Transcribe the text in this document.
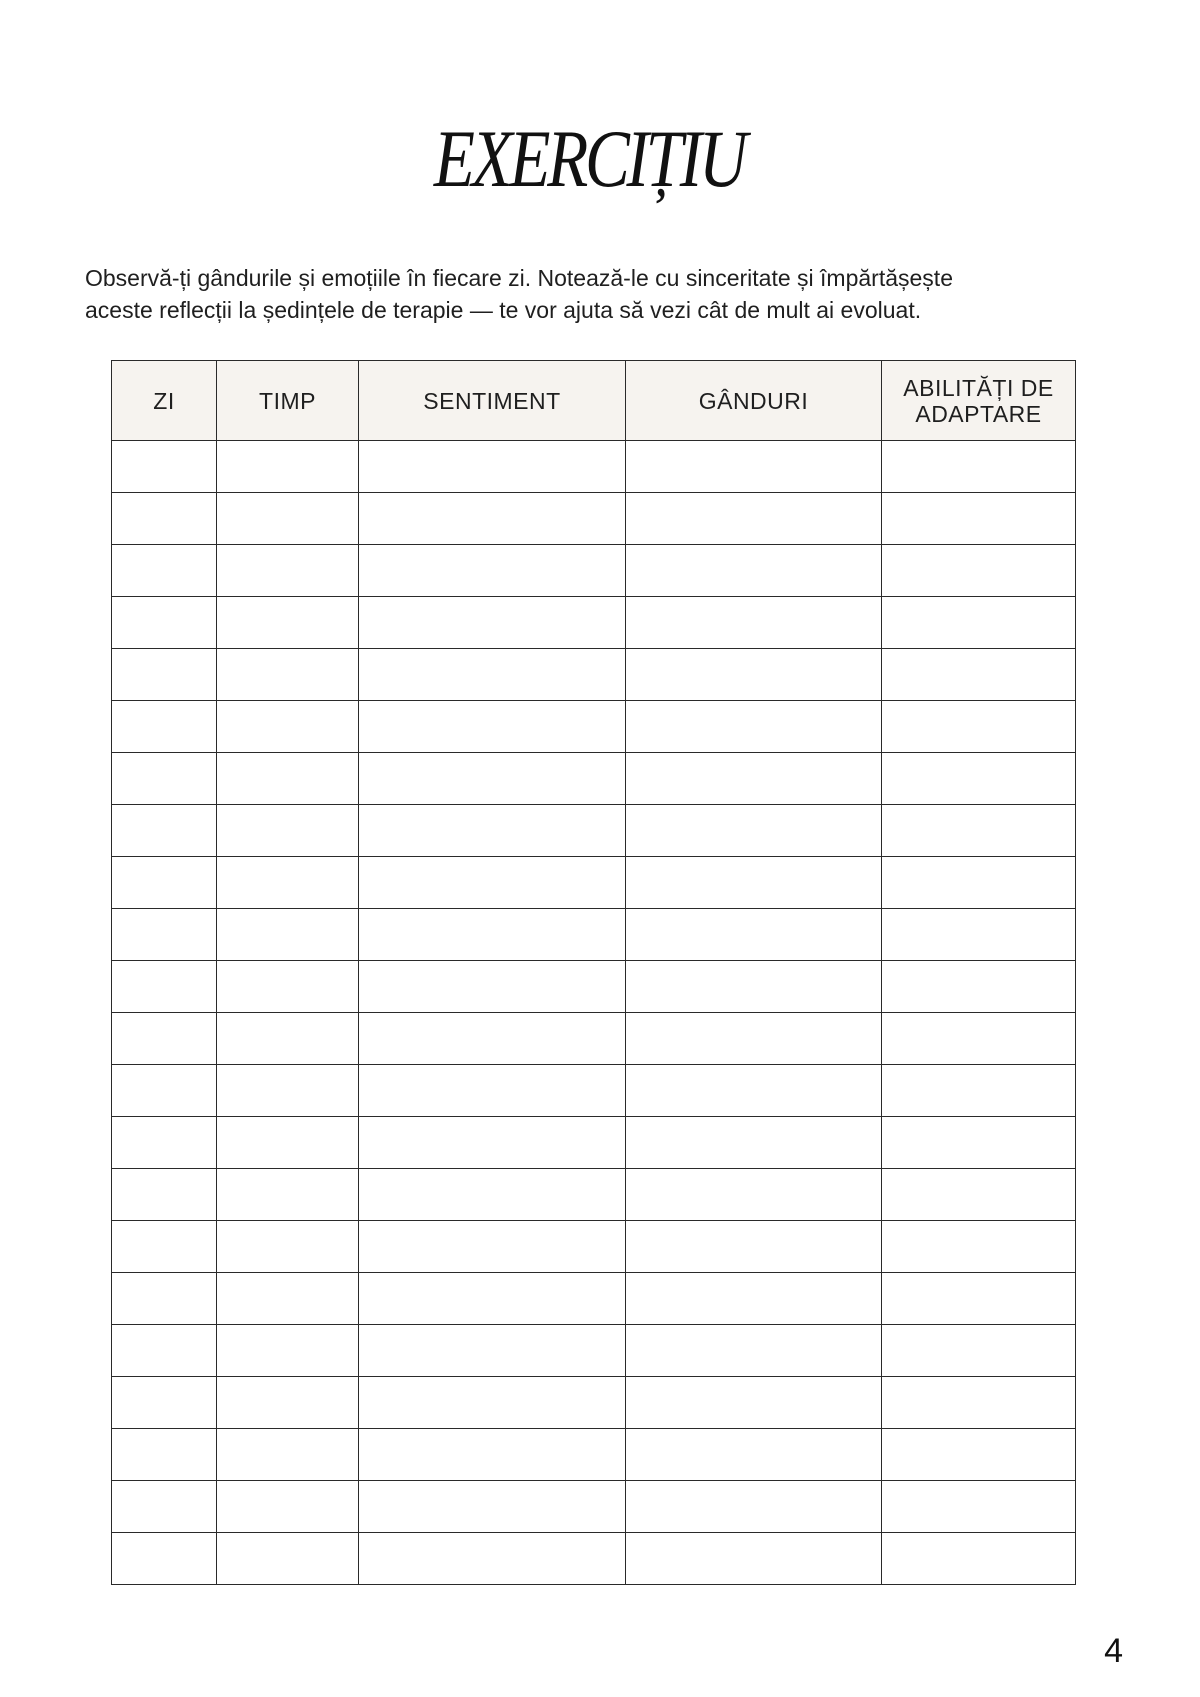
EXERCIȚIU

Observă-ți gândurile și emoțiile în fiecare zi. Notează-le cu sinceritate și împărtășește

aceste reflecții la ședințele de terapie — te vor ajuta să vezi cât de mult ai evoluat.

ZI	TIMP	SENTIMENT	GÂNDURI	ABILITĂȚI DE
ADAPTARE

4
